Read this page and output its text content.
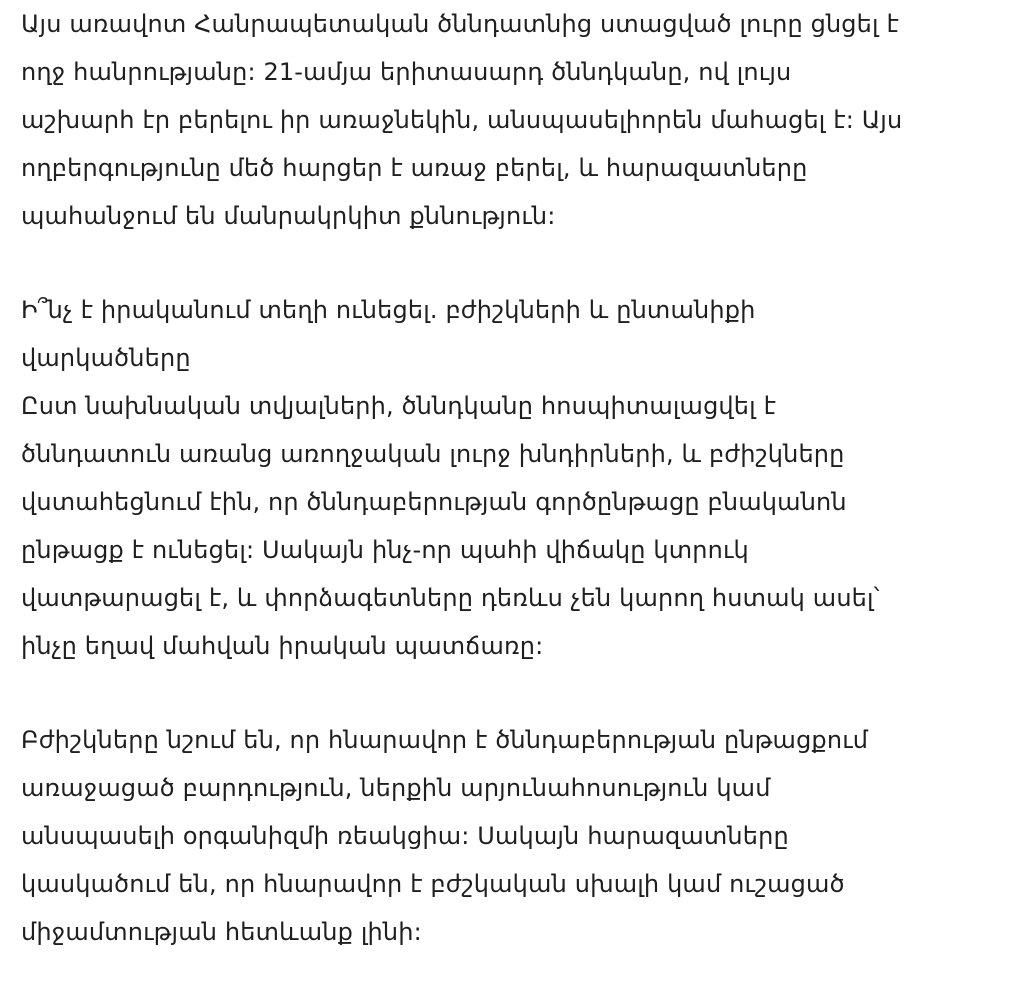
Այս առավոտ Հանրապետական ծննդատնից ստացված լուրը ցնցել է
ողջ հանրությանը: 21-ամյա երիտասարդ ծննդկանը, ով լույս
աշխարհ էր բերելու իր առաջնեկին, անսպասելիորեն մահացել է: Այս
ողբերգությունը մեծ հարցեր է առաջ բերել, և հարազատները
պահանջում են մանրակրկիտ քննություն:
Ի՞նչ է իրականում տեղի ունեցել. բժիշկների և ընտանիքի
վարկածները
Ըստ նախնական տվյալների, ծննդկանը հոսպիտալացվել է
ծննդատուն առանց առողջական լուրջ խնդիրների, և բժիշկները
վստահեցնում էին, որ ծննդաբերության գործընթացը բնականոն
ընթացք է ունեցել: Սակայն ինչ-որ պահի վիճակը կտրուկ
վատթարացել է, և փորձագետները դեռևս չեն կարող հստակ ասել՝
ինչը եղավ մահվան իրական պատճառը:
Բժիշկները նշում են, որ հնարավոր է ծննդաբերության ընթացքում
առաջացած բարդություն, ներքին արյունահոսություն կամ
անսպասելի օրգանիզմի ռեակցիա: Սակայն հարազատները
կասկածում են, որ հնարավոր է բժշկական սխալի կամ ուշացած
միջամտության հետևանք լինի:
